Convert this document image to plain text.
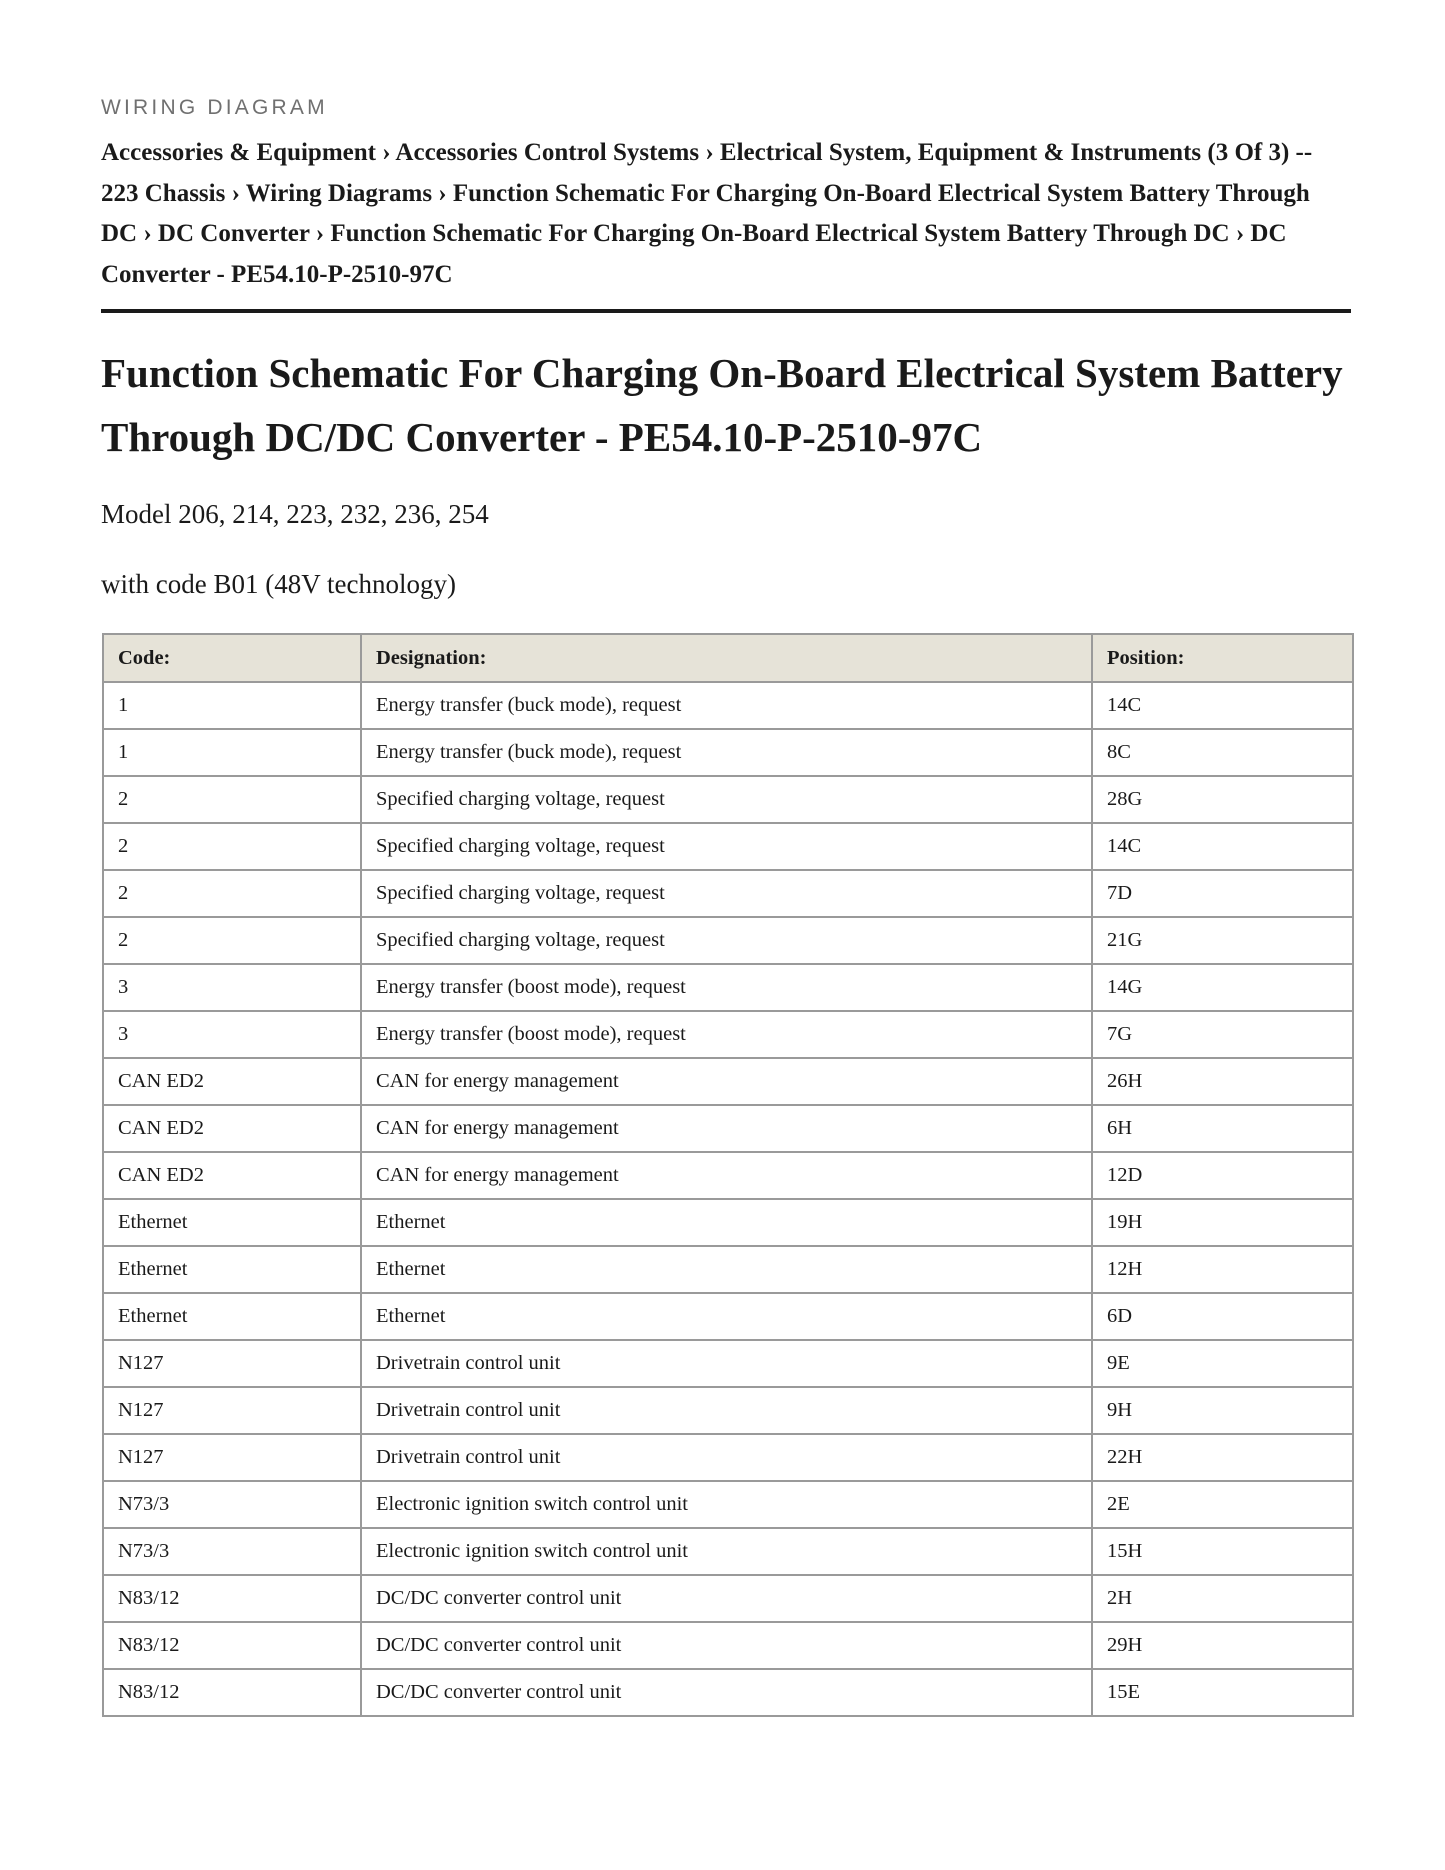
WIRING DIAGRAM

Accessories & Equipment › Accessories Control Systems › Electrical System, Equipment & Instruments (3 Of 3) -- 223 Chassis › Wiring Diagrams › Function Schematic For Charging On-Board Electrical System Battery Through DC › DC Converter › Function Schematic For Charging On-Board Electrical System Battery Through DC › DC Converter - PE54.10-P-2510-97C

Function Schematic For Charging On-Board Electrical System Battery Through DC/DC Converter - PE54.10-P-2510-97C

Model 206, 214, 223, 232, 236, 254

with code B01 (48V technology)

Code:	Designation:	Position:
1	Energy transfer (buck mode), request	14C
1	Energy transfer (buck mode), request	8C
2	Specified charging voltage, request	28G
2	Specified charging voltage, request	14C
2	Specified charging voltage, request	7D
2	Specified charging voltage, request	21G
3	Energy transfer (boost mode), request	14G
3	Energy transfer (boost mode), request	7G
CAN ED2	CAN for energy management	26H
CAN ED2	CAN for energy management	6H
CAN ED2	CAN for energy management	12D
Ethernet	Ethernet	19H
Ethernet	Ethernet	12H
Ethernet	Ethernet	6D
N127	Drivetrain control unit	9E
N127	Drivetrain control unit	9H
N127	Drivetrain control unit	22H
N73/3	Electronic ignition switch control unit	2E
N73/3	Electronic ignition switch control unit	15H
N83/12	DC/DC converter control unit	2H
N83/12	DC/DC converter control unit	29H
N83/12	DC/DC converter control unit	15E
